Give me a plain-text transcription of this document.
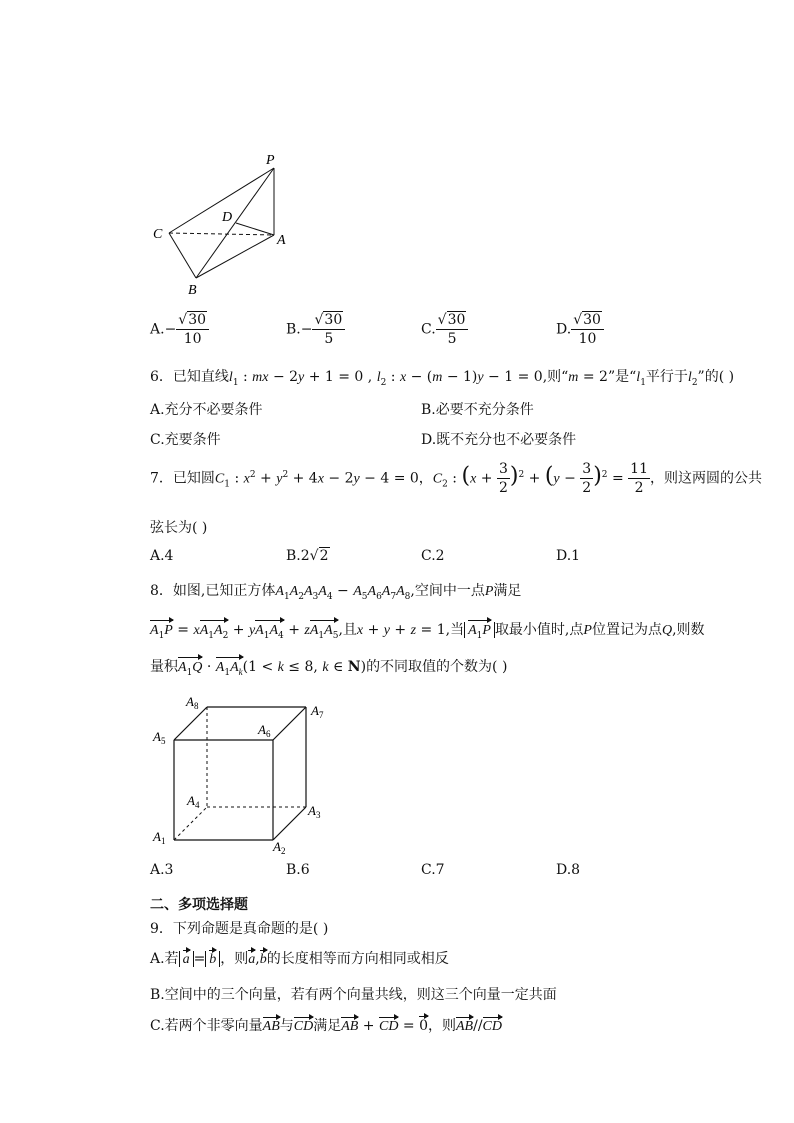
P
C
D
A
B
$A.- \frac{√30}{10}$	$B.- \frac{√30}{5}$	C. $\frac{√30}{5}$	D. $\frac{√30}{10}$
6．已知直线$l_1$ : mx − 2y + 1 = 0 , $l_2$ : x − (m − 1)y − 1 = 0,则“m = 2”是“$l_1$平行于$l_2$”的( )
A.充分不必要条件	B.必要不充分条件
C.充要条件	D.既不充分也不必要条件
7．已知圆$C_1$ : $x^2 + y^2 + 4x - 2y - 4 = 0$，$C_2$ : $(x + \frac{3}{2} )^2 + (y - \frac{3}{2} )^2 = \frac{11}{2}$ ，则这两圆的公共
弦长为( )
A.4	B.2√2	C.2	D.1
8．如图,已知正方体$A_1A_2A_3A_4 - A_5A_6A_7A_8$,空间中一点P满足
$A_1P = xA_1A_2 + yA_1A_4 + zA_1A_5$,且x + y + z = 1,当 $A_1P$ 取最小值时,点P位置记为点Q,则数
量积$A_1Q \cdot A_1A_k(1 < k \le 8$, k ∈ N)的不同取值的个数为( )
$A_8$	$A_7$
$A_5$
$A_6$
$A_4$	$A_3$
$A_1$	$A_2$
A.3	B.6	C.7	D.8
二、多项选择题
9．下列命题是真命题的是( )
A.若 a = b ，则a,b的长度相等而方向相同或相反
B.空间中的三个向量，若有两个向量共线，则这三个向量一定共面
C.若两个非零向量AB与CD满足AB + CD = 0，则AB//CD
